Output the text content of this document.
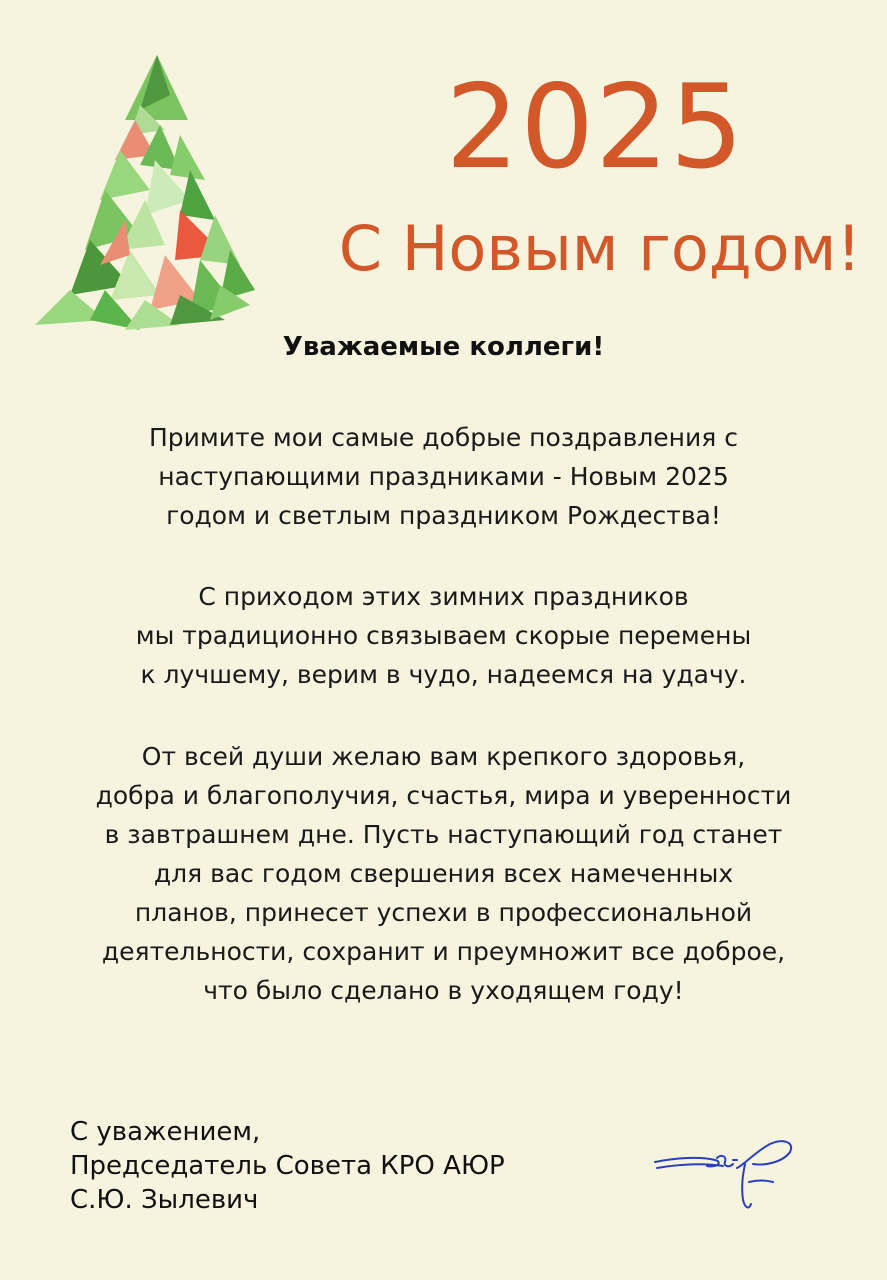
2025
С Новым годом!
Уважаемые коллеги!
Примите мои самые добрые поздравления с
наступающими праздниками - Новым 2025
годом и светлым праздником Рождества!
С приходом этих зимних праздников
мы традиционно связываем скорые перемены
к лучшему, верим в чудо, надеемся на удачу.
От всей души желаю вам крепкого здоровья,
добра и благополучия, счастья, мира и уверенности
в завтрашнем дне. Пусть наступающий год станет
для вас годом свершения всех намеченных
планов, принесет успехи в профессиональной
деятельности, сохранит и преумножит все доброе,
что было сделано в уходящем году!
С уважением,
Председатель Совета КРО АЮР
С.Ю. Зылевич
